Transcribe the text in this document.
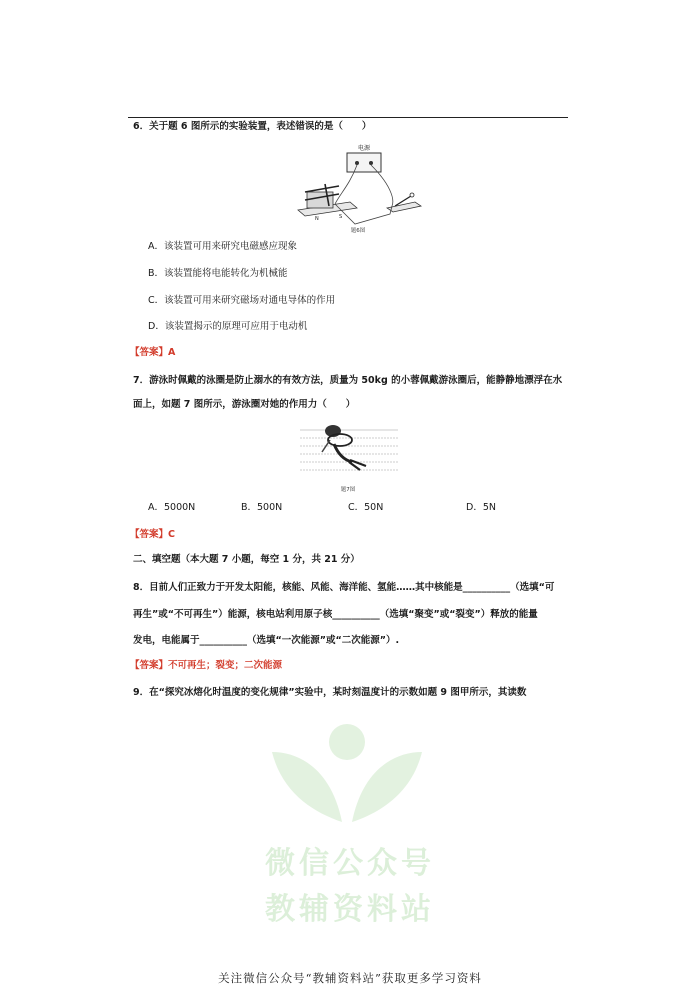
6．关于题 6 图所示的实验装置，表述错误的是（　　）
电源
N	S
题6图
A．该装置可用来研究电磁感应现象
B．该装置能将电能转化为机械能
C．该装置可用来研究磁场对通电导体的作用
D．该装置揭示的原理可应用于电动机
【答案】A
7．游泳时佩戴的泳圈是防止溺水的有效方法，质量为 50kg 的小蓉佩戴游泳圈后，能静静地漂浮在水
面上，如题 7 图所示，游泳圈对她的作用力（　　）
题7图
A．5000N	B．500N	C．50N	D．5N
【答案】C
二、填空题（本大题 7 小题，每空 1 分，共 21 分）
8．目前人们正致力于开发太阳能，核能、风能、海洋能、氢能……其中核能是__________（选填“可
再生”或“不可再生”）能源，核电站利用原子核__________（选填“聚变”或“裂变”）释放的能量
发电，电能属于__________（选填“一次能源”或“二次能源”）.
【答案】不可再生；裂变；二次能源
9．在“探究冰熔化时温度的变化规律”实验中，某时刻温度计的示数如题 9 图甲所示，其读数
微信公众号
教辅资料站
关注微信公众号“教辅资料站”获取更多学习资料
